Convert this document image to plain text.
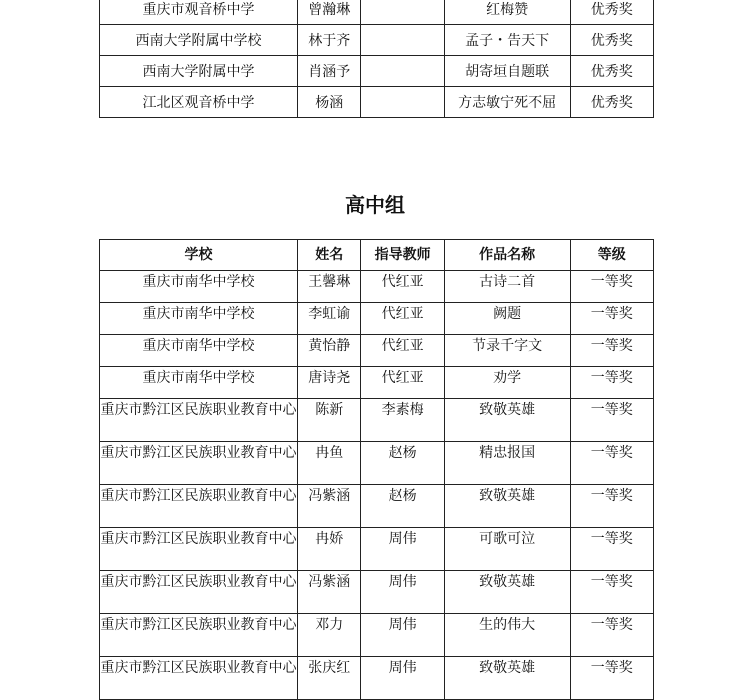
重庆市观音桥中学	曾瀚琳		红梅赞	优秀奖
西南大学附属中学校	林于齐		孟子・告天下	优秀奖
西南大学附属中学	肖涵予		胡寄垣自题联	优秀奖
江北区观音桥中学	杨涵		方志敏宁死不屈	优秀奖
高中组
学校	姓名	指导教师	作品名称	等级
重庆市南华中学校	王馨琳	代红亚	古诗二首	一等奖
重庆市南华中学校	李虹谕	代红亚	阙题	一等奖
重庆市南华中学校	黄怡静	代红亚	节录千字文	一等奖
重庆市南华中学校	唐诗尧	代红亚	劝学	一等奖
重庆市黔江区民族职业教育中心	陈新	李素梅	致敬英雄	一等奖
重庆市黔江区民族职业教育中心	冉鱼	赵杨	精忠报国	一等奖
重庆市黔江区民族职业教育中心	冯紫涵	赵杨	致敬英雄	一等奖
重庆市黔江区民族职业教育中心	冉娇	周伟	可歌可泣	一等奖
重庆市黔江区民族职业教育中心	冯紫涵	周伟	致敬英雄	一等奖
重庆市黔江区民族职业教育中心	邓力	周伟	生的伟大	一等奖
重庆市黔江区民族职业教育中心	张庆红	周伟	致敬英雄	一等奖
